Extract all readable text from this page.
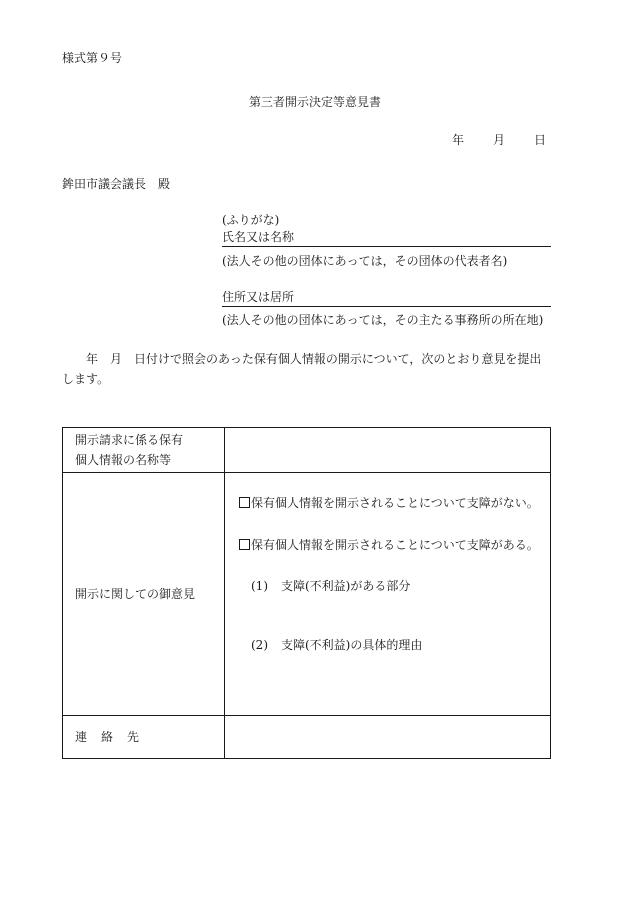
様式第９号
第三者開示決定等意見書
年 月 日
鉾田市議会議長　殿
(ふりがな)
氏名又は名称
(法人その他の団体にあっては，その団体の代表者名)
住所又は居所
(法人その他の団体にあっては，その主たる事務所の所在地)
年　月　日付けで照会のあった保有個人情報の開示について，次のとおり意見を提出します。
開示請求に係る保有
個人情報の名称等	
開示に関しての御意見	保有個人情報を開示されることについて支障がない。
保有個人情報を開示されることについて支障がある。
(1) 支障(不利益)がある部分
(2) 支障(不利益)の具体的理由

連絡先	
